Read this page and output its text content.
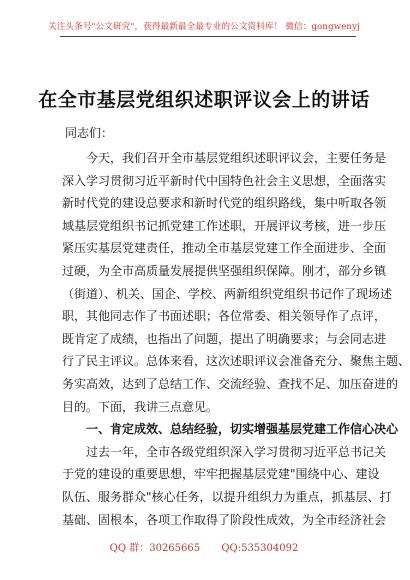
关注头条号"公文研究"，获得最新最全最专业的公文资料库！ 微信：gongwenyj
在全市基层党组织述职评议会上的讲话
同志们：
今天，我们召开全市基层党组织述职评议会，主要任务是
深入学习贯彻习近平新时代中国特色社会主义思想，全面落实
新时代党的建设总要求和新时代党的组织路线，集中听取各领
域基层党组织书记抓党建工作述职，开展评议考核，进一步压
紧压实基层党建责任，推动全市基层党建工作全面进步、全面
过硬，为全市高质量发展提供坚强组织保障。刚才，部分乡镇
（街道）、机关、国企、学校、两新组织党组织书记作了现场述
职，其他同志作了书面述职；各位常委、相关领导作了点评，
既肯定了成绩，也指出了问题，提出了明确要求；与会同志进
行了民主评议。总体来看，这次述职评议会准备充分、聚焦主题、
务实高效，达到了总结工作、交流经验、查找不足、加压奋进的
目的。下面，我讲三点意见。
一、肯定成效、总结经验，切实增强基层党建工作信心决心
过去一年，全市各级党组织深入学习贯彻习近平总书记关
于党的建设的重要思想，牢牢把握基层党建"围绕中心、建设
队伍、服务群众"核心任务，以提升组织力为重点，抓基层、打
基础、固根本，各项工作取得了阶段性成效，为全市经济社会
QQ 群：30265665 QQ:535304092
